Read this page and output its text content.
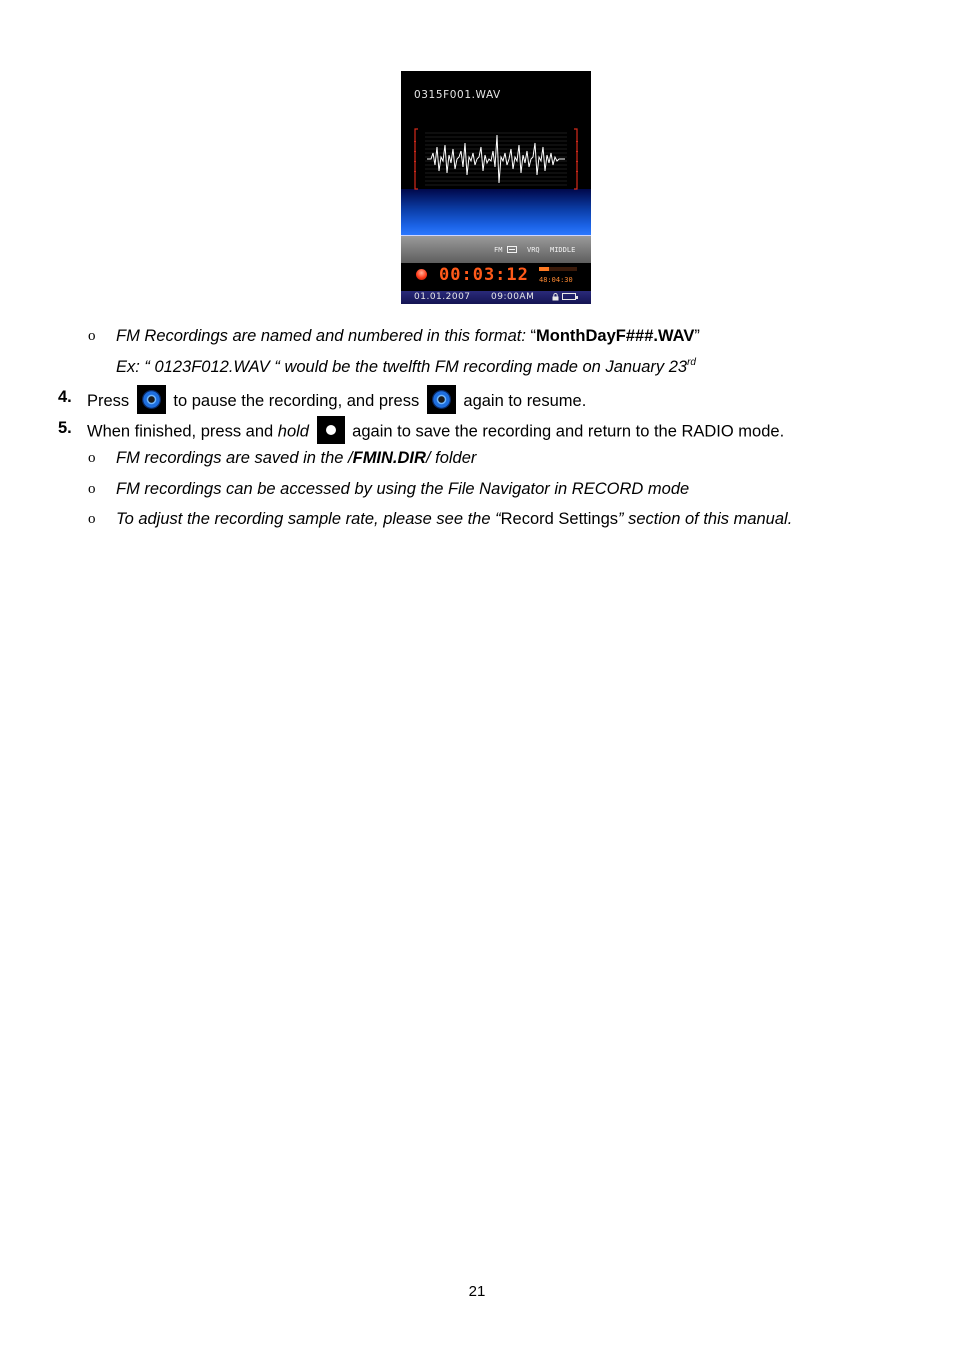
0315F001.WAV
FM	VRQ MIDDLE
00:03:12 48:04:30
01.01.2007 09:00AM
o FM Recordings are named and numbered in this format: “MonthDayF###.WAV”
Ex: “ 0123F012.WAV “ would be the twelfth FM recording made on January 23rd
4. Press	to pause the recording, and press	again to resume.
5. When finished, press and hold	again to save the recording and return to the RADIO mode.
o FM recordings are saved in the /FMIN.DIR/ folder
o FM recordings can be accessed by using the File Navigator in RECORD mode
o To adjust the recording sample rate, please see the “Record Settings” section of this manual.
21
